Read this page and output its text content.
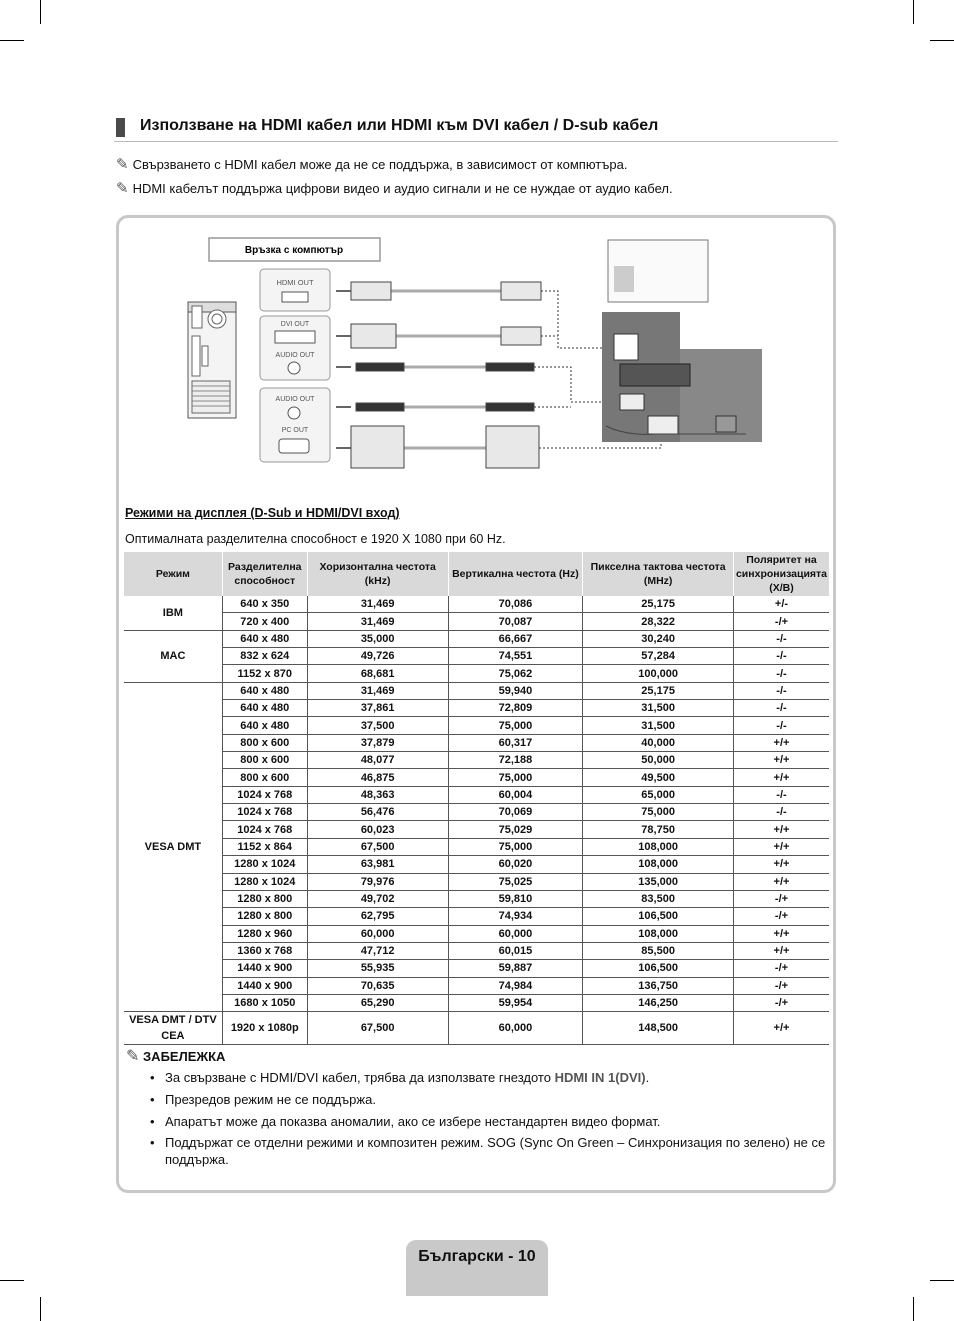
Използване на HDMI кабел или HDMI към DVI кабел / D-sub кабел
✎ Свързването с HDMI кабел може да не се поддържа, в зависимост от компютъра.
✎ HDMI кабелът поддържа цифрови видео и аудио сигнали и не се нуждае от аудио кабел.
Връзка с компютър
HDMI OUT
DVI OUT
AUDIO OUT
AUDIO OUT
PC OUT
Режими на дисплея (D-Sub и HDMI/DVI вход)
Оптималната разделителна способност е 1920 X 1080 при 60 Hz.
Режим	Разделителна способност	Хоризонтална честота (kHz)	Вертикална честота (Hz)	Пикселна тактова честота (MHz)	Поляритет на синхронизацията (Х/В)
IBM	640 x 350	31,469	70,086	25,175	+/-
	720 x 400	31,469	70,087	28,322	-/+
MAC	640 x 480	35,000	66,667	30,240	-/-
	832 x 624	49,726	74,551	57,284	-/-
	1152 x 870	68,681	75,062	100,000	-/-
VESA DMT	640 x 480	31,469	59,940	25,175	-/-
	640 x 480	37,861	72,809	31,500	-/-
	640 x 480	37,500	75,000	31,500	-/-
	800 x 600	37,879	60,317	40,000	+/+
	800 x 600	48,077	72,188	50,000	+/+
	800 x 600	46,875	75,000	49,500	+/+
	1024 x 768	48,363	60,004	65,000	-/-
	1024 x 768	56,476	70,069	75,000	-/-
	1024 x 768	60,023	75,029	78,750	+/+
	1152 x 864	67,500	75,000	108,000	+/+
	1280 x 1024	63,981	60,020	108,000	+/+
	1280 x 1024	79,976	75,025	135,000	+/+
	1280 x 800	49,702	59,810	83,500	-/+
	1280 x 800	62,795	74,934	106,500	-/+
	1280 x 960	60,000	60,000	108,000	+/+
	1360 x 768	47,712	60,015	85,500	+/+
	1440 x 900	55,935	59,887	106,500	-/+
	1440 x 900	70,635	74,984	136,750	-/+
	1680 x 1050	65,290	59,954	146,250	-/+
VESA DMT / DTV CEA	1920 x 1080p	67,500	60,000	148,500	+/+
✎ ЗАБЕЛЕЖКА
• За свързване с HDMI/DVI кабел, трябва да използвате гнездото HDMI IN 1(DVI).
• Презредов режим не се поддържа.
• Апаратът може да показва аномалии, ако се избере нестандартен видео формат.
• Поддържат се отделни режими и композитен режим. SOG (Sync On Green – Синхронизация по зелено) не се поддържа.
Български - 10
